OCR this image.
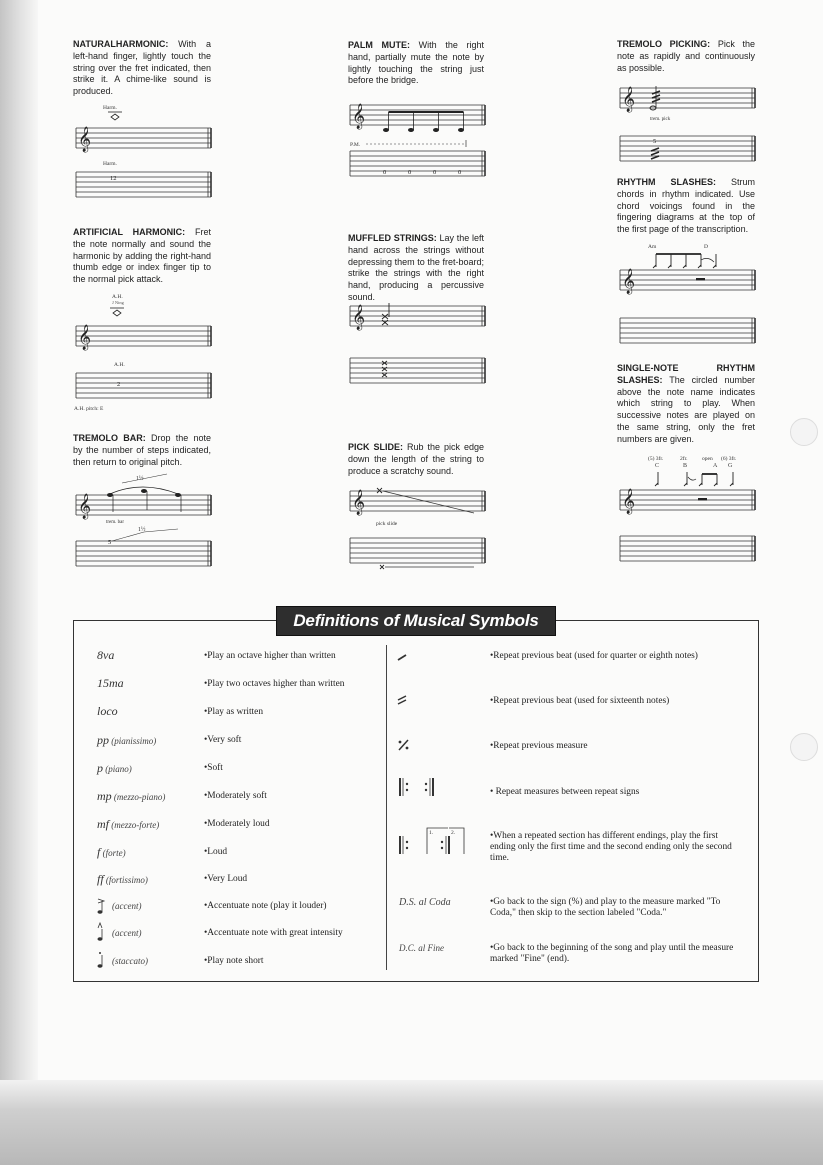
NATURALHARMONIC: With a left-hand finger, lightly touch the string over the fret indicated, then strike it. A chime-like sound is produced.
𝄞
Harm.
Harm.
12
ARTIFICIAL HARMONIC: Fret the note normally and sound the harmonic by adding the right-hand thumb edge or index finger tip to the normal pick attack.
𝄞
A.H.
J Ning
A.H.
2
A.H. pitch: E
TREMOLO BAR: Drop the note by the number of steps indicated, then return to original pitch.
𝄞
1½
trem. bar
1½
5
PALM MUTE: With the right hand, partially mute the note by lightly touching the string just before the bridge.
𝄞
P.M.
0	0	0	0
MUFFLED STRINGS: Lay the left hand across the strings without depressing them to the fret-board; strike the strings with the right hand, producing a percussive sound.
𝄞
PICK SLIDE: Rub the pick edge down the length of the string to produce a scratchy sound.
𝄞
pick slide
TREMOLO PICKING: Pick the note as rapidly and continuously as possible.
𝄞
trem. pick
5
RHYTHM SLASHES: Strum chords in rhythm indicated. Use chord voicings found in the fingering diagrams at the top of the first page of the transcription.
Am	D
𝄞
SINGLE-NOTE RHYTHM SLASHES: The circled number above the note name indicates which string to play. When successive notes are played on the same string, only the fret numbers are given.
(5) 3fr.	2fr.	open (6) 3fr.
C	B	A G
𝄞
Definitions of Musical Symbols
8va	•Play an octave higher than written
15ma	•Play two octaves higher than written
loco	•Play as written
pp (pianissimo)	•Very soft
p (piano)	•Soft
mp (mezzo-piano)	•Moderately soft
mf (mezzo-forte)	•Moderately loud
f (forte)	•Loud
ff (fortissimo)	•Very Loud
(accent)	•Accentuate note (play it louder)
(accent)	•Accentuate note with great intensity
(staccato)	•Play note short
•Repeat previous beat (used for quarter or eighth notes)
•Repeat previous beat (used for sixteenth notes)
•Repeat previous measure
• Repeat measures between repeat signs
1.	2.	•When a repeated section has different endings, play the first ending only the first time and the second ending only the second time.
D.S. al Coda	•Go back to the sign (%) and play to the measure marked "To Coda," then skip to the section labeled "Coda."
D.C. al Fine	•Go back to the beginning of the song and play until the measure marked "Fine" (end).
